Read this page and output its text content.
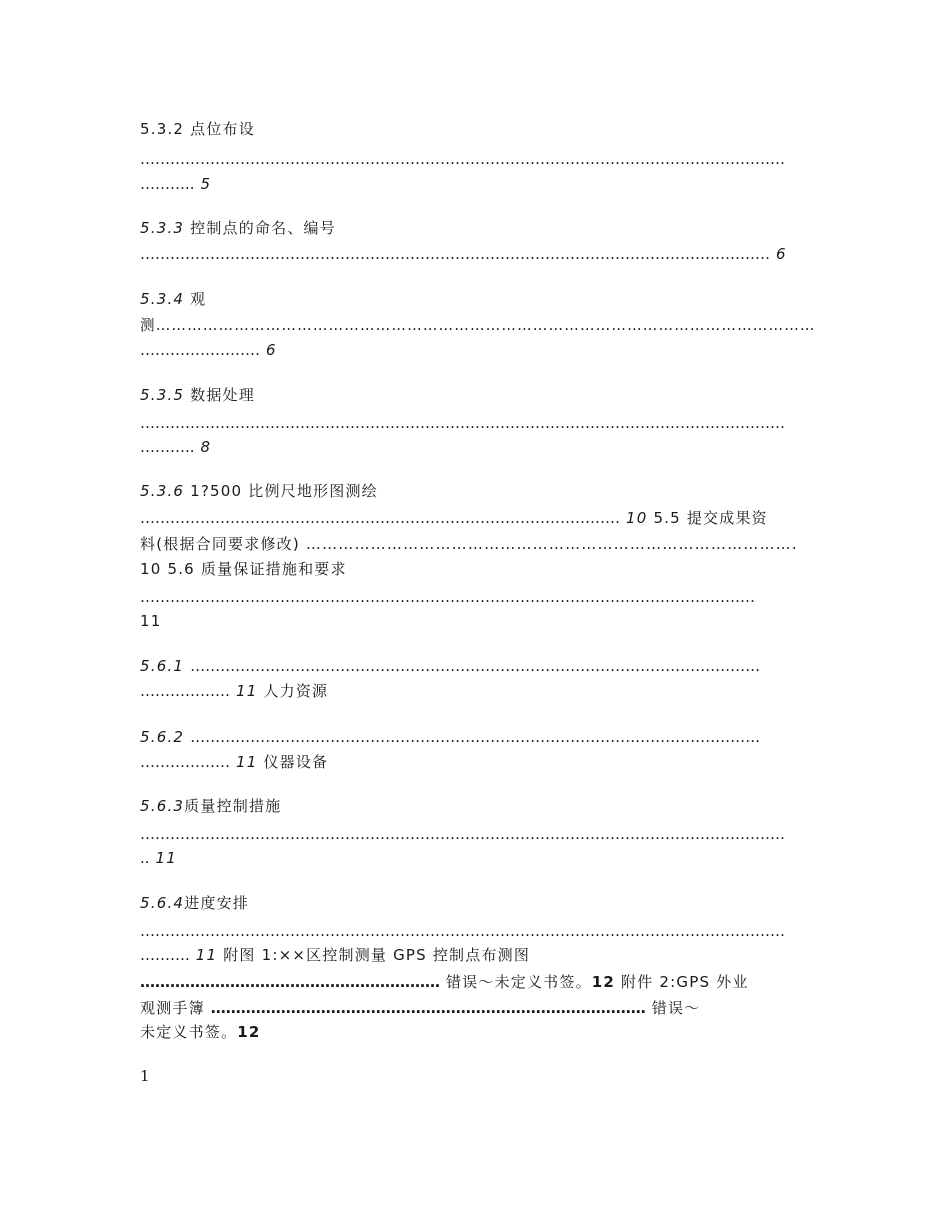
5.3.2 点位布设
…………………………………………………………………………………………………………………
……….. 5
5.3.3 控制点的命名、编号
……………………………………………………………………………………………………………… 6
5.3.4 观
测………………………………………………………………………………………………………………
…………………… 6
5.3.5 数据处理
…………………………………………………………………………………………………………………
……….. 8
5.3.6 1?500 比例尺地形图测绘
…………………………………………………………………………………… 10 5.5 提交成果资
料(根据合同要求修改) ……………………………………………………………………………….
10 5.6 质量保证措施和要求
……………………………………………………………………………………………………………
11
5.6.1 ……………………………………………………………………………………………………
……………… 11 人力资源
5.6.2 ……………………………………………………………………………………………………
……………… 11 仪器设备
5.6.3质量控制措施
…………………………………………………………………………………………………………………
.. 11
5.6.4进度安排
…………………………………………………………………………………………………………………
………. 11 附图 1:××区控制测量 GPS 控制点布测图
…………………………………………………… 错误～未定义书签。12 附件 2:GPS 外业
观测手簿 …………………………………………………………………………… 错误～
未定义书签。12
1
